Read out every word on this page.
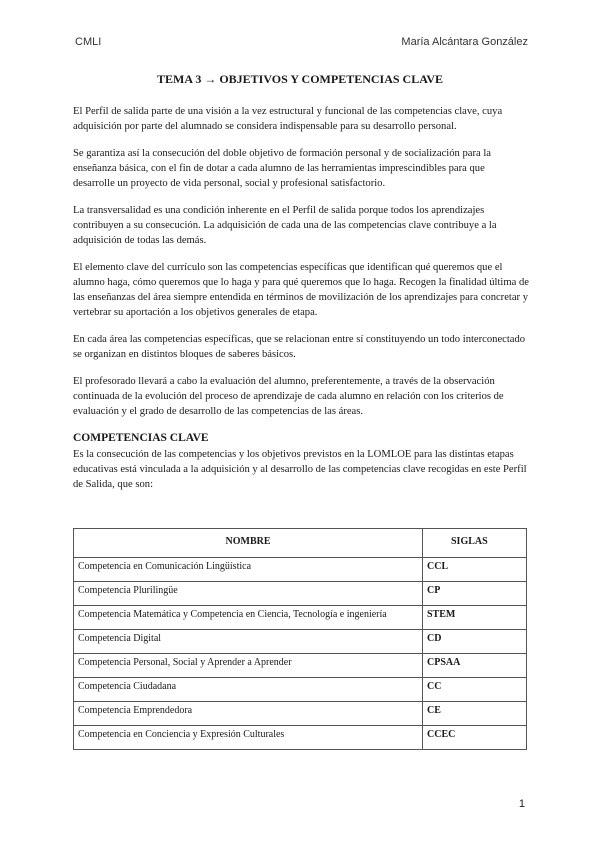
CMLI	María Alcántara González
TEMA 3 → OBJETIVOS Y COMPETENCIAS CLAVE

El Perfil de salida parte de una visión a la vez estructural y funcional de las competencias clave, cuya adquisición por parte del alumnado se considera indispensable para su desarrollo personal.

Se garantiza así la consecución del doble objetivo de formación personal y de socialización para la enseñanza básica, con el fin de dotar a cada alumno de las herramientas imprescindibles para que desarrolle un proyecto de vida personal, social y profesional satisfactorio.

La transversalidad es una condición inherente en el Perfil de salida porque todos los aprendizajes contribuyen a su consecución. La adquisición de cada una de las competencias clave contribuye a la adquisición de todas las demás.

El elemento clave del currículo son las competencias específicas que identifican qué queremos que el alumno haga, cómo queremos que lo haga y para qué queremos que lo haga. Recogen la finalidad última de las enseñanzas del área siempre entendida en términos de movilización de los aprendizajes para concretar y vertebrar su aportación a los objetivos generales de etapa.

En cada área las competencias específicas, que se relacionan entre sí constituyendo un todo interconectado se organizan en distintos bloques de saberes básicos.

El profesorado llevará a cabo la evaluación del alumno, preferentemente, a través de la observación continuada de la evolución del proceso de aprendizaje de cada alumno en relación con los criterios de evaluación y el grado de desarrollo de las competencias de las áreas.

COMPETENCIAS CLAVE
Es la consecución de las competencias y los objetivos previstos en la LOMLOE para las distintas etapas educativas está vinculada a la adquisición y al desarrollo de las competencias clave recogidas en este Perfil de Salida, que son:
NOMBRE	SIGLAS
Competencia en Comunicación Lingüística	CCL
Competencia Plurilingüe	CP
Competencia Matemática y Competencia en Ciencia, Tecnología e ingeniería	STEM
Competencia Digital	CD
Competencia Personal, Social y Aprender a Aprender	CPSAA
Competencia Ciudadana	CC
Competencia Emprendedora	CE
Competencia en Conciencia y Expresión Culturales	CCEC
1
